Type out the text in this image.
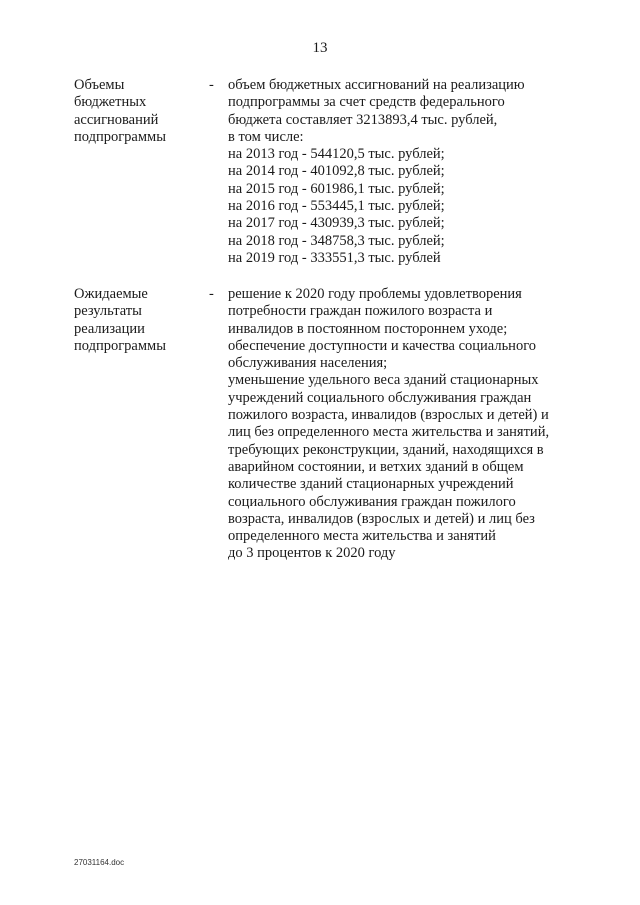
13
Объемы
бюджетных
ассигнований
подпрограммы
- объем бюджетных ассигнований на реализацию
подпрограммы за счет средств федерального
бюджета составляет 3213893,4 тыс. рублей,
в том числе:
на 2013 год - 544120,5 тыс. рублей;
на 2014 год - 401092,8 тыс. рублей;
на 2015 год - 601986,1 тыс. рублей;
на 2016 год - 553445,1 тыс. рублей;
на 2017 год - 430939,3 тыс. рублей;
на 2018 год - 348758,3 тыс. рублей;
на 2019 год - 333551,3 тыс. рублей
Ожидаемые
результаты
реализации
подпрограммы
- решение к 2020 году проблемы удовлетворения
потребности граждан пожилого возраста и
инвалидов в постоянном постороннем уходе;
обеспечение доступности и качества социального
обслуживания населения;
уменьшение удельного веса зданий стационарных
учреждений социального обслуживания граждан
пожилого возраста, инвалидов (взрослых и детей) и
лиц без определенного места жительства и занятий,
требующих реконструкции, зданий, находящихся в
аварийном состоянии, и ветхих зданий в общем
количестве зданий стационарных учреждений
социального обслуживания граждан пожилого
возраста, инвалидов (взрослых и детей) и лиц без
определенного места жительства и занятий
до 3 процентов к 2020 году
27031164.doc
